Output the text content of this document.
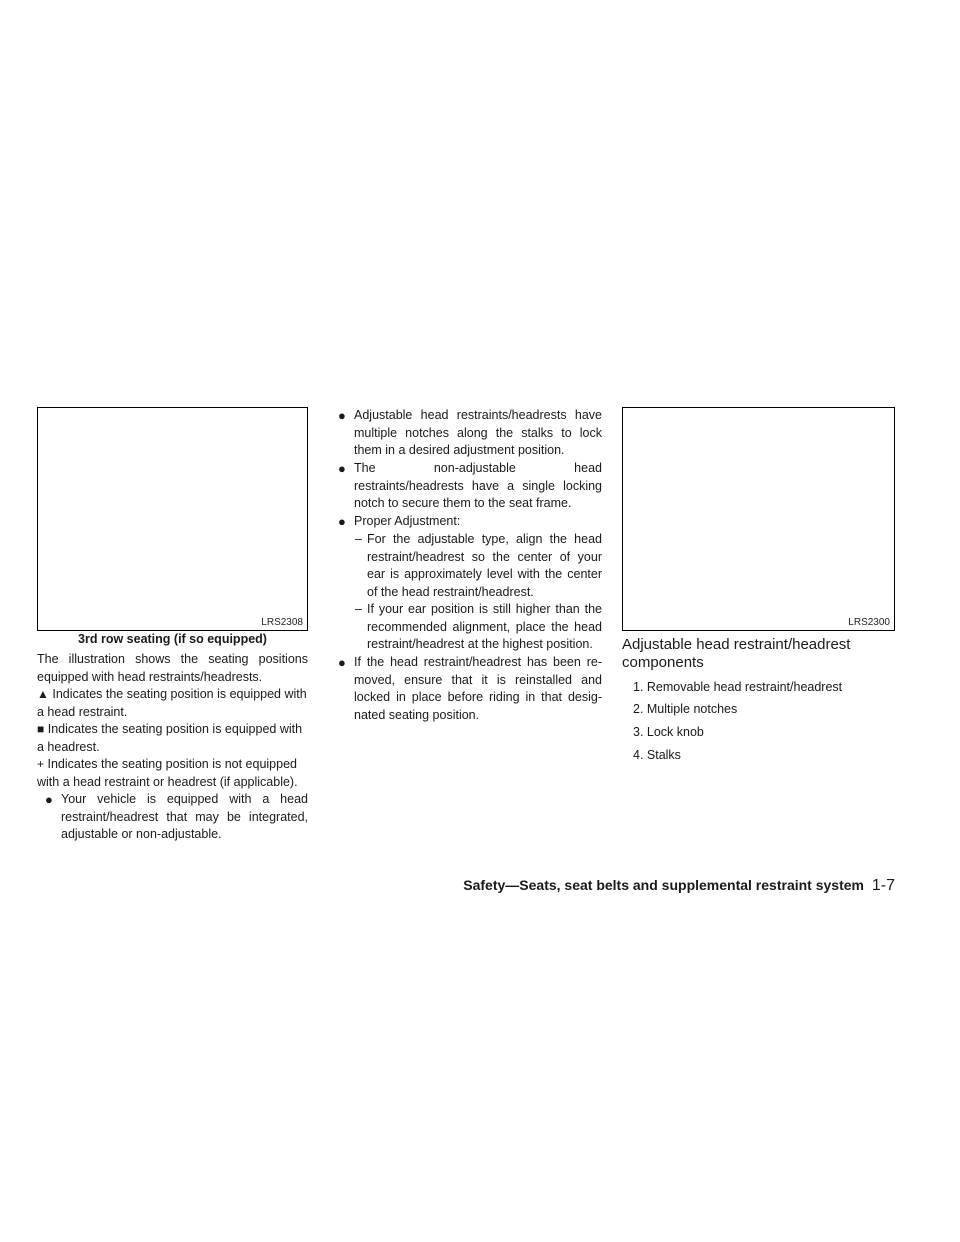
LRS2308
3rd row seating (if so equipped)

The illustration shows the seating positions equipped with head restraints/headrests.

▲ Indicates the seating position is equipped with a head restraint.
■ Indicates the seating position is equipped with a headrest.
+ Indicates the seating position is not equipped with a head restraint or headrest (if applicable).
● Your vehicle is equipped with a head restraint/headrest that may be integrated, adjustable or non-adjustable.
● Adjustable head restraints/headrests have multiple notches along the stalks to lock them in a desired adjustment position.
● The non-adjustable head restraints/headrests have a single locking notch to secure them to the seat frame.
● Proper Adjustment:
– For the adjustable type, align the head restraint/headrest so the center of your ear is approximately level with the center of the head restraint/headrest.
– If your ear position is still higher than the recommended alignment, place the head restraint/headrest at the highest position.
● If the head restraint/headrest has been re-moved, ensure that it is reinstalled and locked in place before riding in that desig-nated seating position.
LRS2300
Adjustable head restraint/headrest
components
1. Removable head restraint/headrest
2. Multiple notches
3. Lock knob
4. Stalks
Safety—Seats, seat belts and supplemental restraint system 1-7
